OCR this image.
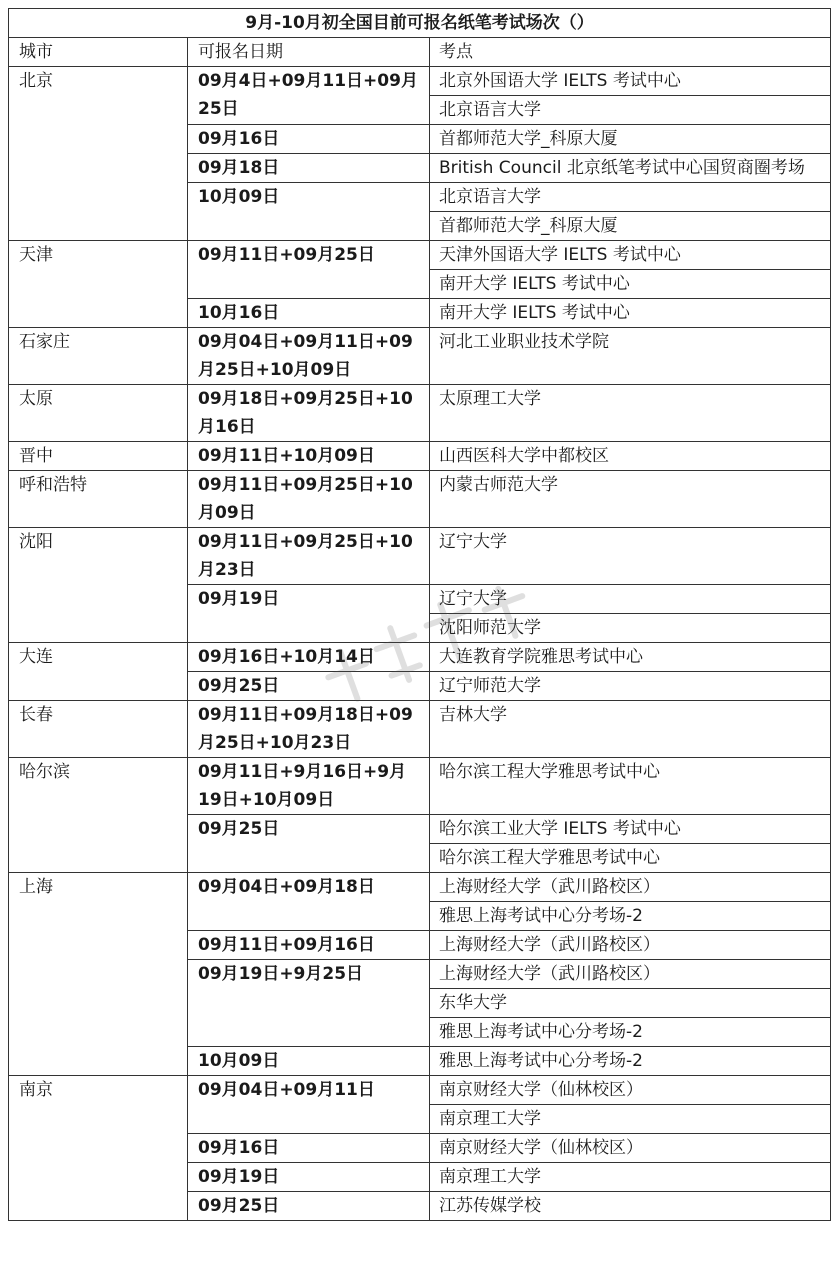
9月-10月初全国目前可报名纸笔考试场次（）		
城市	可报名日期	考点
北京	09月4日+09月11日+09月25日	北京外国语大学 IELTS 考试中心
		北京语言大学
	09月16日	首都师范大学_科原大厦
	09月18日	British Council 北京纸笔考试中心国贸商圈考场
	10月09日	北京语言大学
		首都师范大学_科原大厦
天津	09月11日+09月25日	天津外国语大学 IELTS 考试中心
		南开大学 IELTS 考试中心
	10月16日	南开大学 IELTS 考试中心
石家庄	09月04日+09月11日+09月25日+10月09日	河北工业职业技术学院
太原	09月18日+09月25日+10月16日	太原理工大学
晋中	09月11日+10月09日	山西医科大学中都校区
呼和浩特	09月11日+09月25日+10月09日	内蒙古师范大学
沈阳	09月11日+09月25日+10月23日	辽宁大学
	09月19日	辽宁大学
		沈阳师范大学
大连	09月16日+10月14日	大连教育学院雅思考试中心
	09月25日	辽宁师范大学
长春	09月11日+09月18日+09月25日+10月23日	吉林大学
哈尔滨	09月11日+9月16日+9月19日+10月09日	哈尔滨工程大学雅思考试中心
	09月25日	哈尔滨工业大学 IELTS 考试中心
		哈尔滨工程大学雅思考试中心
上海	09月04日+09月18日	上海财经大学（武川路校区）
		雅思上海考试中心分考场-2
	09月11日+09月16日	上海财经大学（武川路校区）
	09月19日+9月25日	上海财经大学（武川路校区）
		东华大学
		雅思上海考试中心分考场-2
	10月09日	雅思上海考试中心分考场-2
南京	09月04日+09月11日	南京财经大学（仙林校区）
		南京理工大学
	09月16日	南京财经大学（仙林校区）
	09月19日	南京理工大学
	09月25日	江苏传媒学校
